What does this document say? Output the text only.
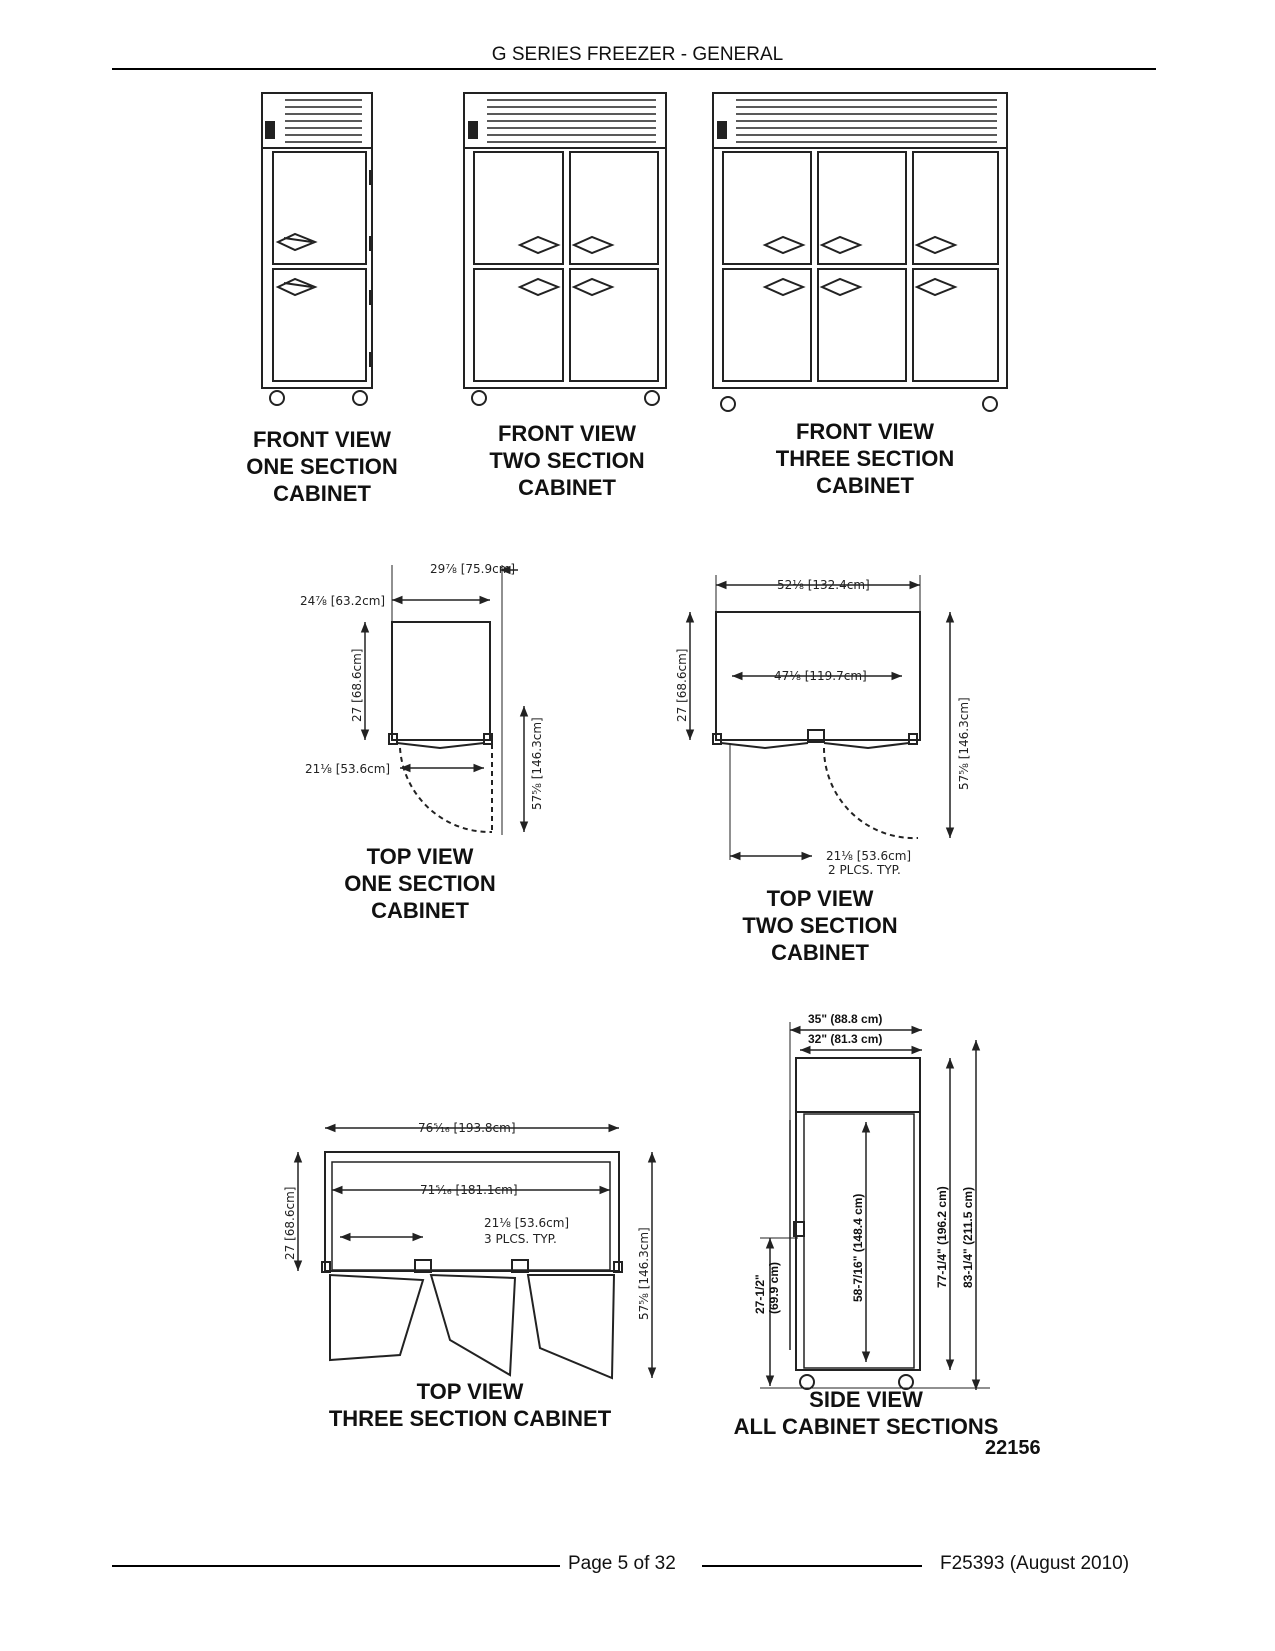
G SERIES FREEZER - GENERAL
29⅞ [75.9cm]
24⅞ [63.2cm]
27 [68.6cm]
21⅛ [53.6cm]	57⅝ [146.3cm]
52⅛ [132.4cm]
47⅛ [119.7cm]
27 [68.6cm]
57⅝ [146.3cm]
21⅛ [53.6cm]
2 PLCS. TYP.
76⁵⁄₁₆ [193.8cm]
71⁵⁄₁₆ [181.1cm]
21⅛ [53.6cm]
3 PLCS. TYP.
27 [68.6cm]
57⅝ [146.3cm]
35" (88.8 cm)
32" (81.3 cm)
58-7/16" (148.4 cm)	77-1/4" (196.2 cm) 83-1/4" (211.5 cm)
27-1/2" (69.9 cm)
FRONT VIEW
ONE SECTION
CABINET
FRONT VIEW
TWO SECTION
CABINET
FRONT VIEW
THREE SECTION
CABINET
TOP VIEW
ONE SECTION
CABINET	TOP VIEW
TWO SECTION
CABINET
TOP VIEW
THREE SECTION CABINET
SIDE VIEW
ALL CABINET SECTIONS
22156
Page 5 of 32	F25393 (August 2010)
